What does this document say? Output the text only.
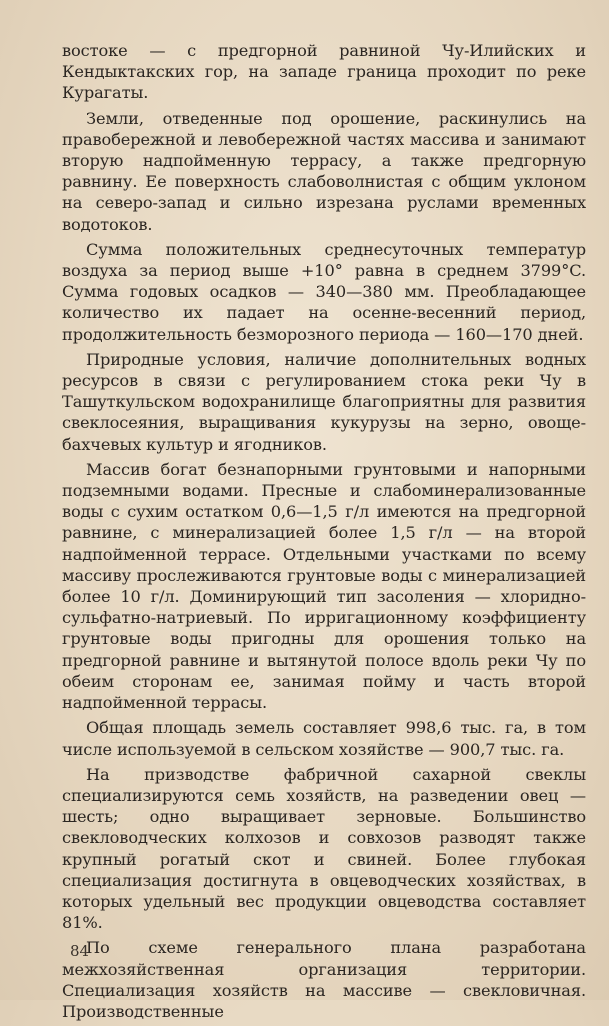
востоке — с предгорной равниной Чу-Илийских и Кендыктакских гор, на западе граница проходит по реке Курагаты.

Земли, отведенные под орошение, раскинулись на правобережной и левобережной частях массива и занимают вторую надпойменную террасу, а также предгорную равнину. Ее поверхность слабоволнистая с общим уклоном на северо-запад и сильно изрезана руслами временных водотоков.

Сумма положительных среднесуточных температур воздуха за период выше +10° равна в среднем 3799°C. Сумма годовых осадков — 340—380 мм. Преобладающее количество их падает на осенне-весенний период, продолжительность безморозного периода — 160—170 дней.

Природные условия, наличие дополнительных водных ресурсов в связи с регулированием стока реки Чу в Ташуткульском водохранилище благоприятны для развития свеклосеяния, выращивания кукурузы на зерно, овоще-бахчевых культур и ягодников.

Массив богат безнапорными грунтовыми и напорными подземными водами. Пресные и слабоминерализованные воды с сухим остатком 0,6—1,5 г/л имеются на предгорной равнине, с минерализацией более 1,5 г/л — на второй надпойменной террасе. Отдельными участками по всему массиву прослеживаются грунтовые воды с минерализацией более 10 г/л. Доминирующий тип засоления — хлоридно-сульфатно-натриевый. По ирригационному коэффициенту грунтовые воды пригодны для орошения только на предгорной равнине и вытянутой полосе вдоль реки Чу по обеим сторонам ее, занимая пойму и часть второй надпойменной террасы.

Общая площадь земель составляет 998,6 тыс. га, в том числе используемой в сельском хозяйстве — 900,7 тыс. га.

На призводстве фабричной сахарной свеклы специализируются семь хозяйств, на разведении овец — шесть; одно выращивает зерновые. Большинство свекловодческих колхозов и совхозов разводят также крупный рогатый скот и свиней. Более глубокая специализация достигнута в овцеводческих хозяйствах, в которых удельный вес продукции овцеводства составляет 81%.

По схеме генерального плана разработана межхозяйственная организация территории. Специализация хозяйств на массиве — свекловичная. Производственные

84
